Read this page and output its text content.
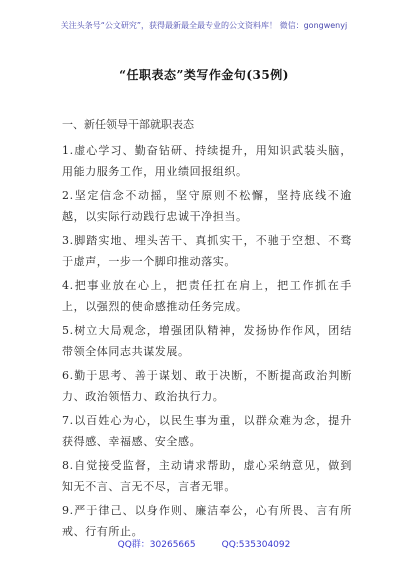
关注头条号“公文研究”，获得最新最全最专业的公文资料库！ 微信：gongwenyj
“任职表态”类写作金句(35例)
一、新任领导干部就职表态

1.虚心学习、勤奋钻研、持续提升，用知识武装头脑，用能力服务工作，用业绩回报组织。

2.坚定信念不动摇，坚守原则不松懈，坚持底线不逾越，以实际行动践行忠诚干净担当。

3.脚踏实地、埋头苦干、真抓实干，不驰于空想、不骛于虚声，一步一个脚印推动落实。

4.把事业放在心上，把责任扛在肩上，把工作抓在手上，以强烈的使命感推动任务完成。

5.树立大局观念，增强团队精神，发扬协作作风，团结带领全体同志共谋发展。

6.勤于思考、善于谋划、敢于决断，不断提高政治判断力、政治领悟力、政治执行力。

7.以百姓心为心，以民生事为重，以群众难为念，提升获得感、幸福感、安全感。

8.自觉接受监督，主动请求帮助，虚心采纳意见，做到知无不言、言无不尽，言者无罪。

9.严于律己、以身作则、廉洁奉公，心有所畏、言有所戒、行有所止。

QQ群：30265665	QQ:535304092
